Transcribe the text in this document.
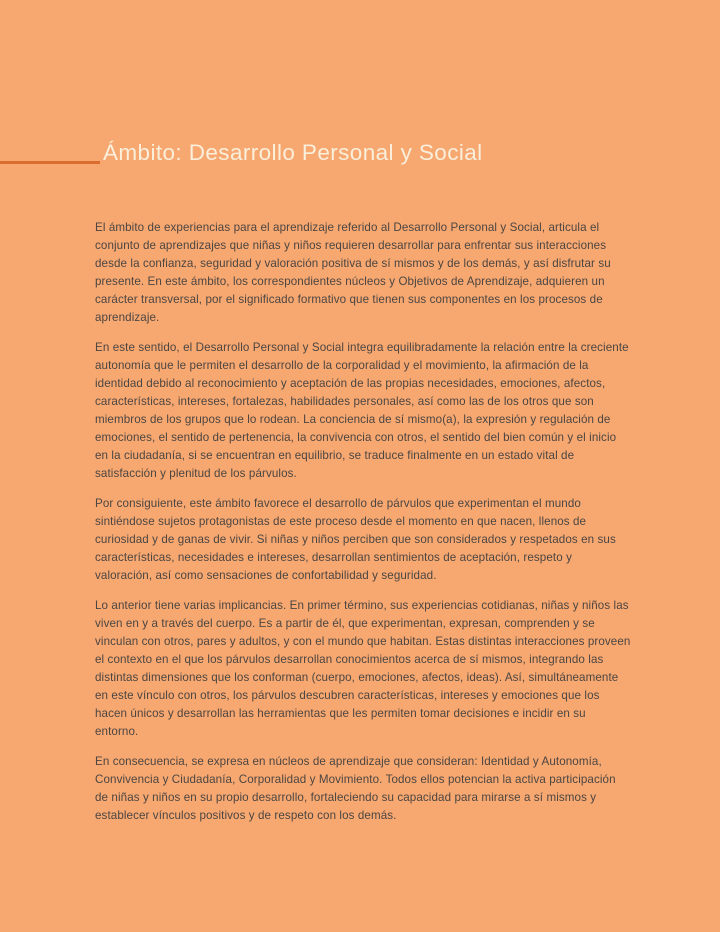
Ámbito: Desarrollo Personal y Social

El ámbito de experiencias para el aprendizaje referido al Desarrollo Personal y Social, articula el conjunto de aprendizajes que niñas y niños requieren desarrollar para enfrentar sus interacciones desde la confianza, seguridad y valoración positiva de sí mismos y de los demás, y así disfrutar su presente. En este ámbito, los correspondientes núcleos y Objetivos de Aprendizaje, adquieren un carácter transversal, por el significado formativo que tienen sus componentes en los procesos de aprendizaje.

En este sentido, el Desarrollo Personal y Social integra equilibradamente la relación entre la creciente autonomía que le permiten el desarrollo de la corporalidad y el movimiento, la afirmación de la identidad debido al reconocimiento y aceptación de las propias necesidades, emociones, afectos, características, intereses, fortalezas, habilidades personales, así como las de los otros que son miembros de los grupos que lo rodean. La conciencia de sí mismo(a), la expresión y regulación de emociones, el sentido de pertenencia, la convivencia con otros, el sentido del bien común y el inicio en la ciudadanía, si se encuentran en equilibrio, se traduce finalmente en un estado vital de satisfacción y plenitud de los párvulos.

Por consiguiente, este ámbito favorece el desarrollo de párvulos que experimentan el mundo sintiéndose sujetos protagonistas de este proceso desde el momento en que nacen, llenos de curiosidad y de ganas de vivir. Si niñas y niños perciben que son considerados y respetados en sus características, necesidades e intereses, desarrollan sentimientos de aceptación, respeto y valoración, así como sensaciones de confortabilidad y seguridad.

Lo anterior tiene varias implicancias. En primer término, sus experiencias cotidianas, niñas y niños las viven en y a través del cuerpo. Es a partir de él, que experimentan, expresan, comprenden y se vinculan con otros, pares y adultos, y con el mundo que habitan. Estas distintas interacciones proveen el contexto en el que los párvulos desarrollan conocimientos acerca de sí mismos, integrando las distintas dimensiones que los conforman (cuerpo, emociones, afectos, ideas). Así, simultáneamente en este vínculo con otros, los párvulos descubren características, intereses y emociones que los hacen únicos y desarrollan las herramientas que les permiten tomar decisiones e incidir en su entorno.

En consecuencia, se expresa en núcleos de aprendizaje que consideran: Identidad y Autonomía, Convivencia y Ciudadanía, Corporalidad y Movimiento. Todos ellos potencian la activa participación de niñas y niños en su propio desarrollo, fortaleciendo su capacidad para mirarse a sí mismos y establecer vínculos positivos y de respeto con los demás.
